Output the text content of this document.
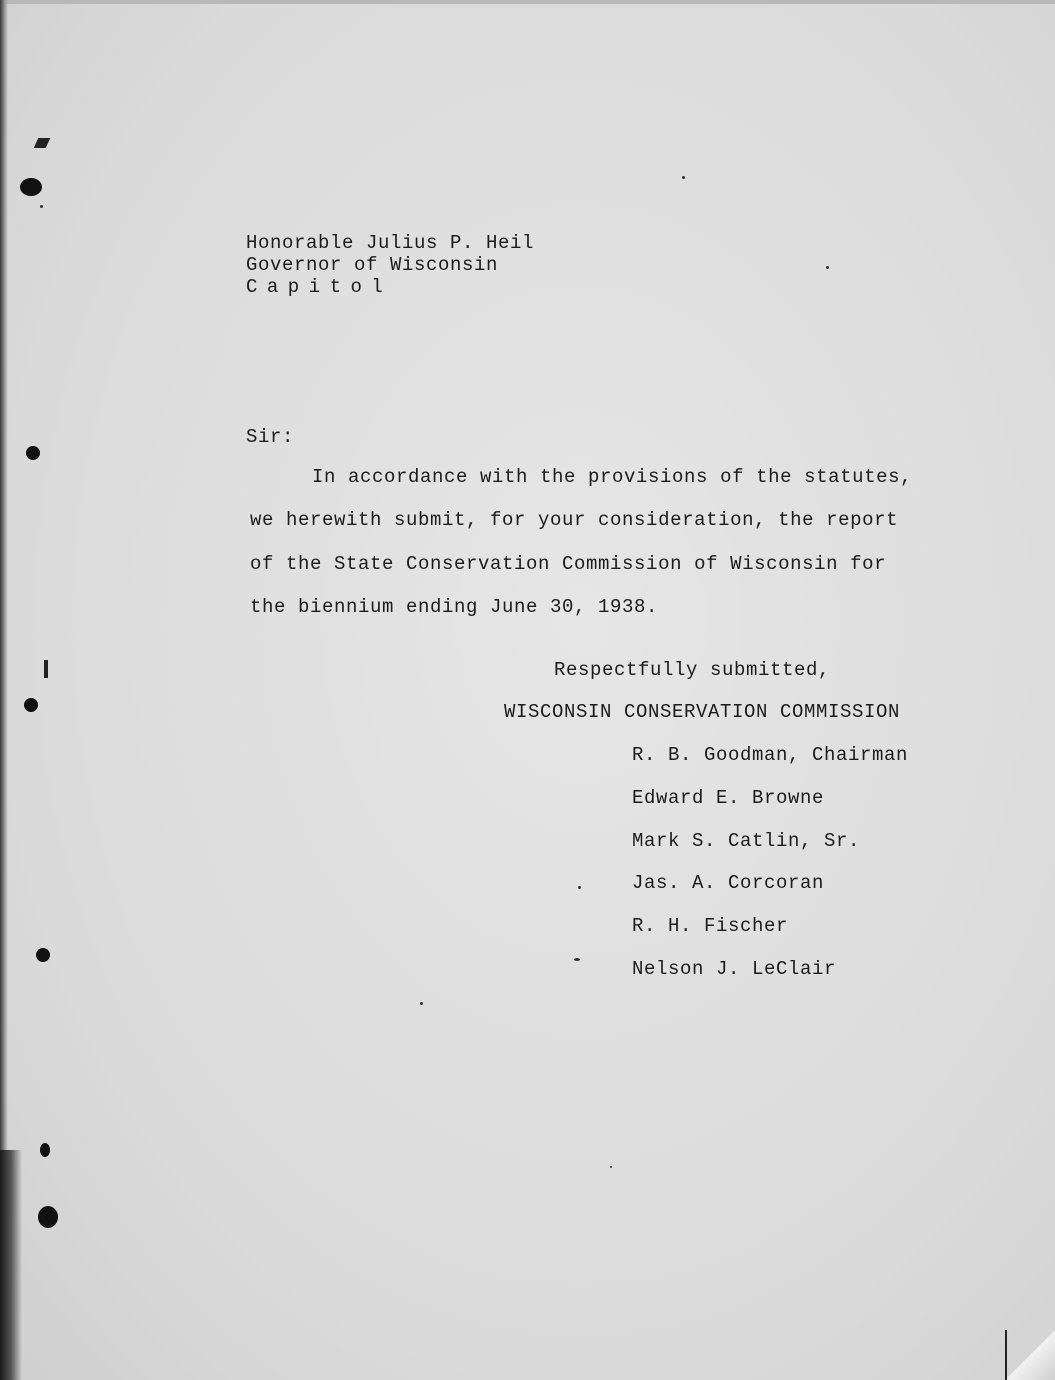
Honorable Julius P. Heil
Governor of Wisconsin
Capitol
Sir:
In accordance with the provisions of the statutes,
we herewith submit, for your consideration, the report
of the State Conservation Commission of Wisconsin for
the biennium ending June 30, 1938.
Respectfully submitted,
WISCONSIN CONSERVATION COMMISSION
R. B. Goodman, Chairman
Edward E. Browne
Mark S. Catlin, Sr.
Jas. A. Corcoran
R. H. Fischer
Nelson J. LeClair
